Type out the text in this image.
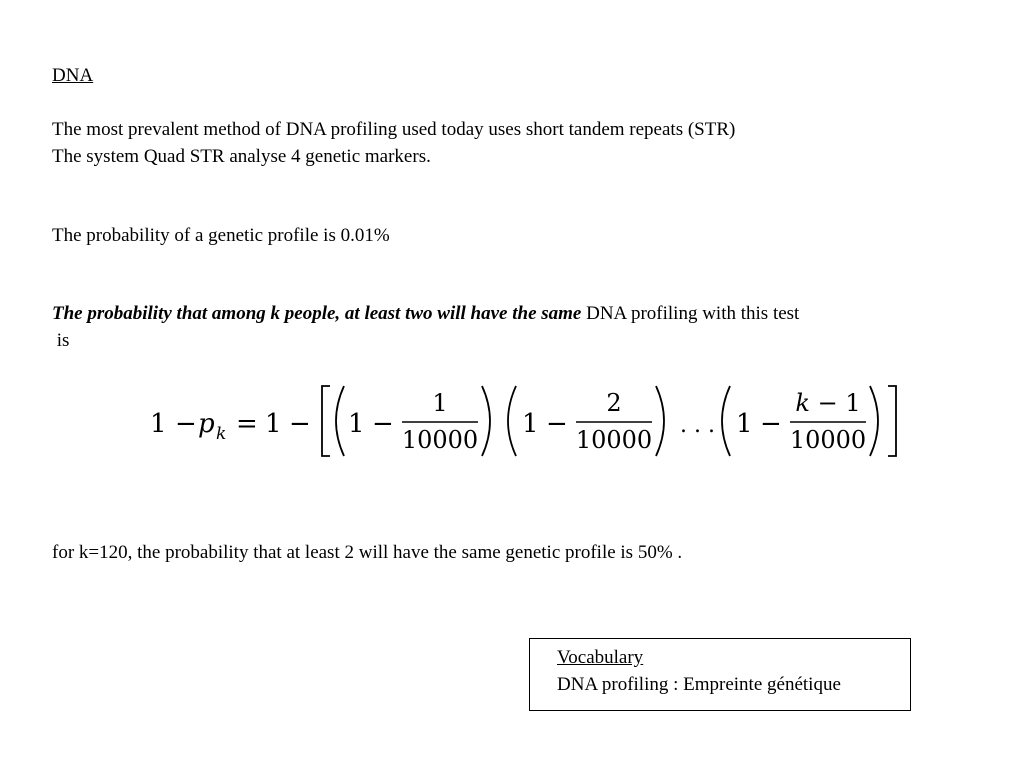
DNA
The most prevalent method of DNA profiling used today uses short tandem repeats (STR)
The system Quad STR analyse 4 genetic markers.
The probability of a genetic profile is 0.01%
The probability that among k people, at least two will have the same DNA profiling with this test
is
1 − p k = 1 − 1 −
1
10000
1 −
2
10000
. . . 1 −
k − 1
10000
for k=120, the probability that at least 2 will have the same genetic profile is 50% .
Vocabulary
DNA profiling : Empreinte génétique
